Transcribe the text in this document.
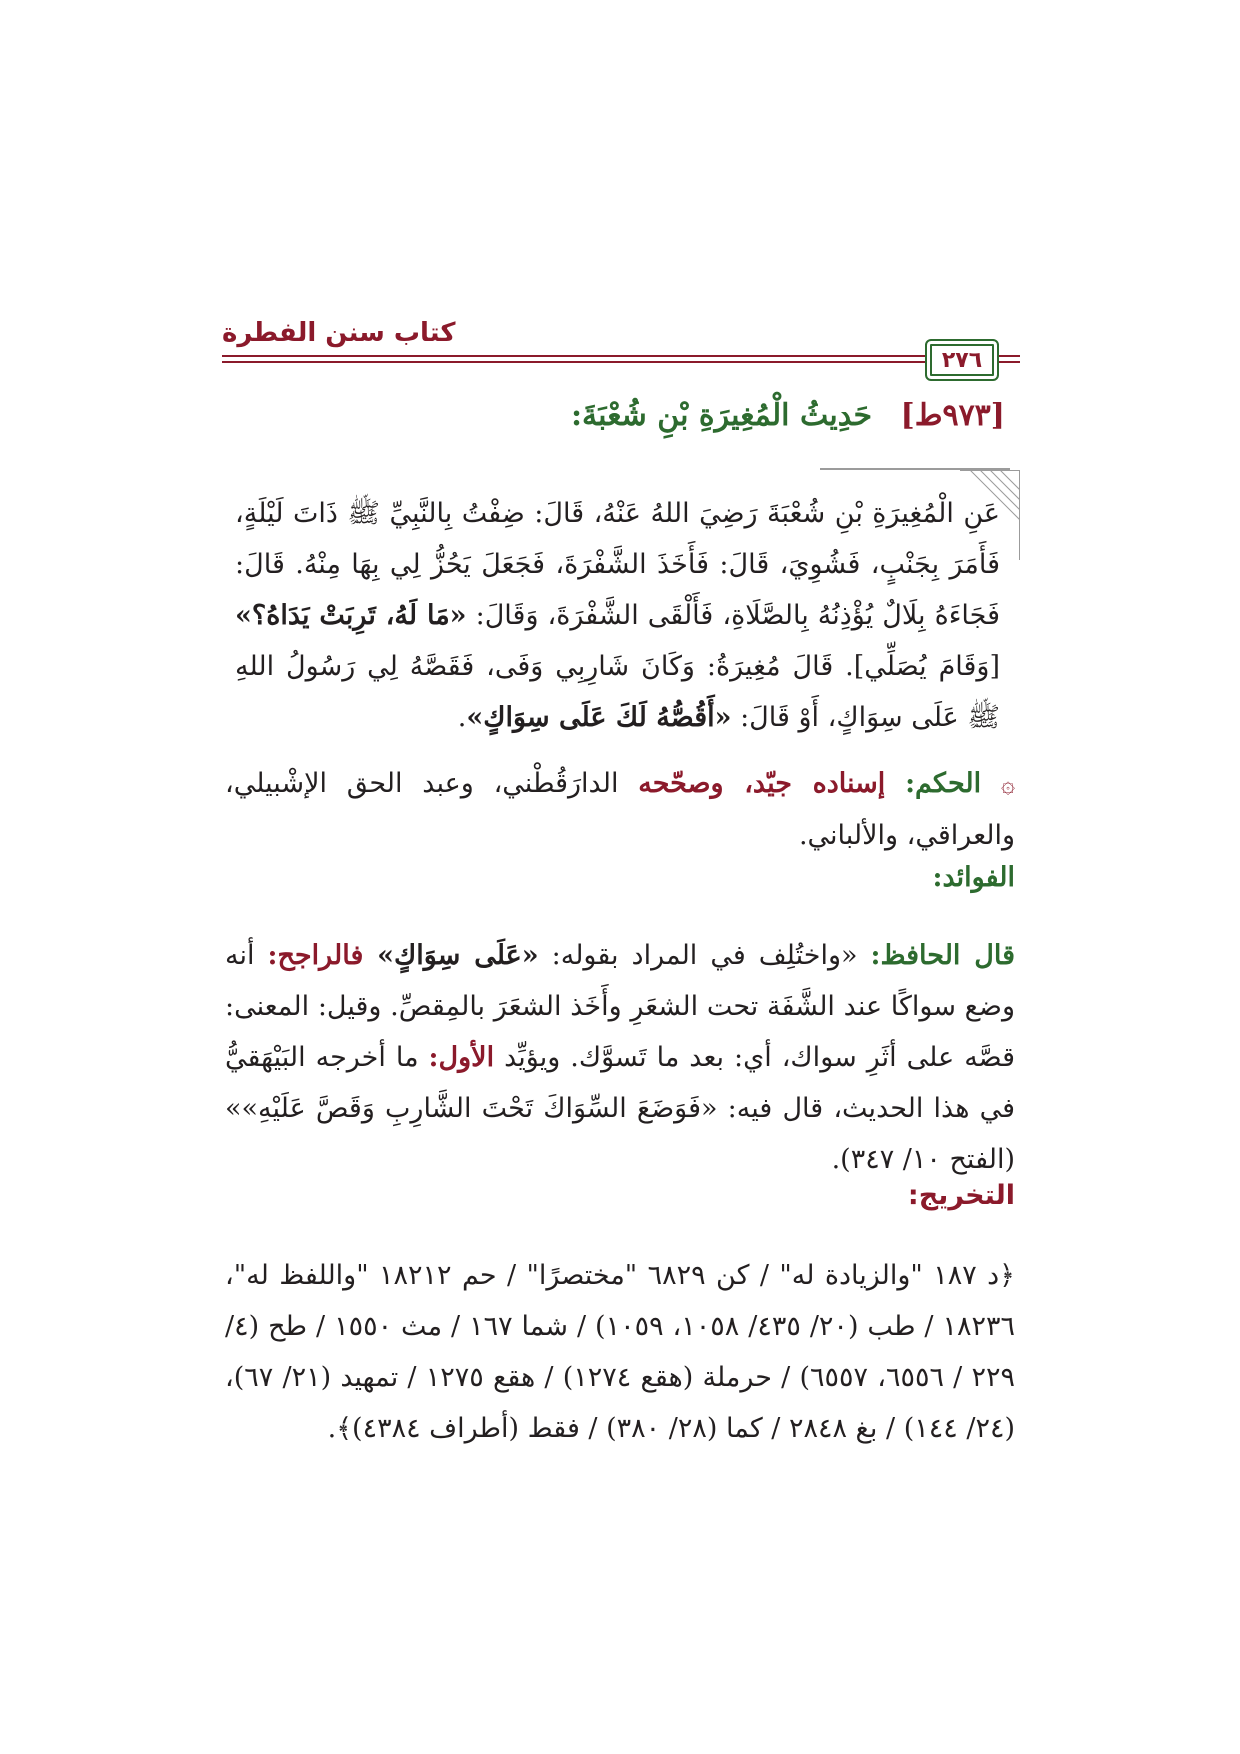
كتاب سنن الفطرة
٢٧٦
[٩٧٣ط] حَدِيثُ الْمُغِيرَةِ بْنِ شُعْبَةَ:
عَنِ الْمُغِيرَةِ بْنِ شُعْبَةَ رَضِيَ اللهُ عَنْهُ، قَالَ: ضِفْتُ بِالنَّبِيِّ ﷺ ذَاتَ لَيْلَةٍ، فَأَمَرَ بِجَنْبٍ، فَشُوِيَ، قَالَ: فَأَخَذَ الشَّفْرَةَ، فَجَعَلَ يَحُزُّ لِي بِهَا مِنْهُ. قَالَ: فَجَاءَهُ بِلَالٌ يُؤْذِنُهُ بِالصَّلَاةِ، فَأَلْقَى الشَّفْرَةَ، وَقَالَ: «مَا لَهُ، تَرِبَتْ يَدَاهُ؟» [وَقَامَ يُصَلِّي]. قَالَ مُغِيرَةُ: وَكَانَ شَارِبِي وَفَى، فَقَصَّهُ لِي رَسُولُ اللهِ ﷺ عَلَى سِوَاكٍ، أَوْ قَالَ: «أَقُصُّهُ لَكَ عَلَى سِوَاكٍ».
۞ الحكم: إسناده جيّد، وصحّحه الدارَقُطْني، وعبد الحق الإشْبيلي، والعراقي، والألباني.
الفوائد:
قال الحافظ: «واختُلِف في المراد بقوله: «عَلَى سِوَاكٍ» فالراجح: أنه وضع سواكًا عند الشَّفَة تحت الشعَرِ وأَخَذ الشعَرَ بالمِقصِّ. وقيل: المعنى: قصَّه على أثَرِ سواك، أي: بعد ما تَسوَّك. ويؤيِّد الأول: ما أخرجه البَيْهَقيُّ في هذا الحديث، قال فيه: «فَوَضَعَ السِّوَاكَ تَحْتَ الشَّارِبِ وَقَصَّ عَلَيْهِ»» (الفتح ١٠/ ٣٤٧).
التخريج:
﴿د ١٨٧ "والزيادة له" / كن ٦٨٢٩ "مختصرًا" / حم ١٨٢١٢ "واللفظ له"، ١٨٢٣٦ / طب (٢٠/ ٤٣٥/ ١٠٥٨، ١٠٥٩) / شما ١٦٧ / مث ١٥٥٠ / طح (٤/ ٢٢٩ / ٦٥٥٦، ٦٥٥٧) / حرملة (هقع ١٢٧٤) / هقع ١٢٧٥ / تمهيد (٢١/ ٦٧)، (٢٤/ ١٤٤) / بغ ٢٨٤٨ / كما (٢٨/ ٣٨٠) / فقط (أطراف ٤٣٨٤)﴾.
